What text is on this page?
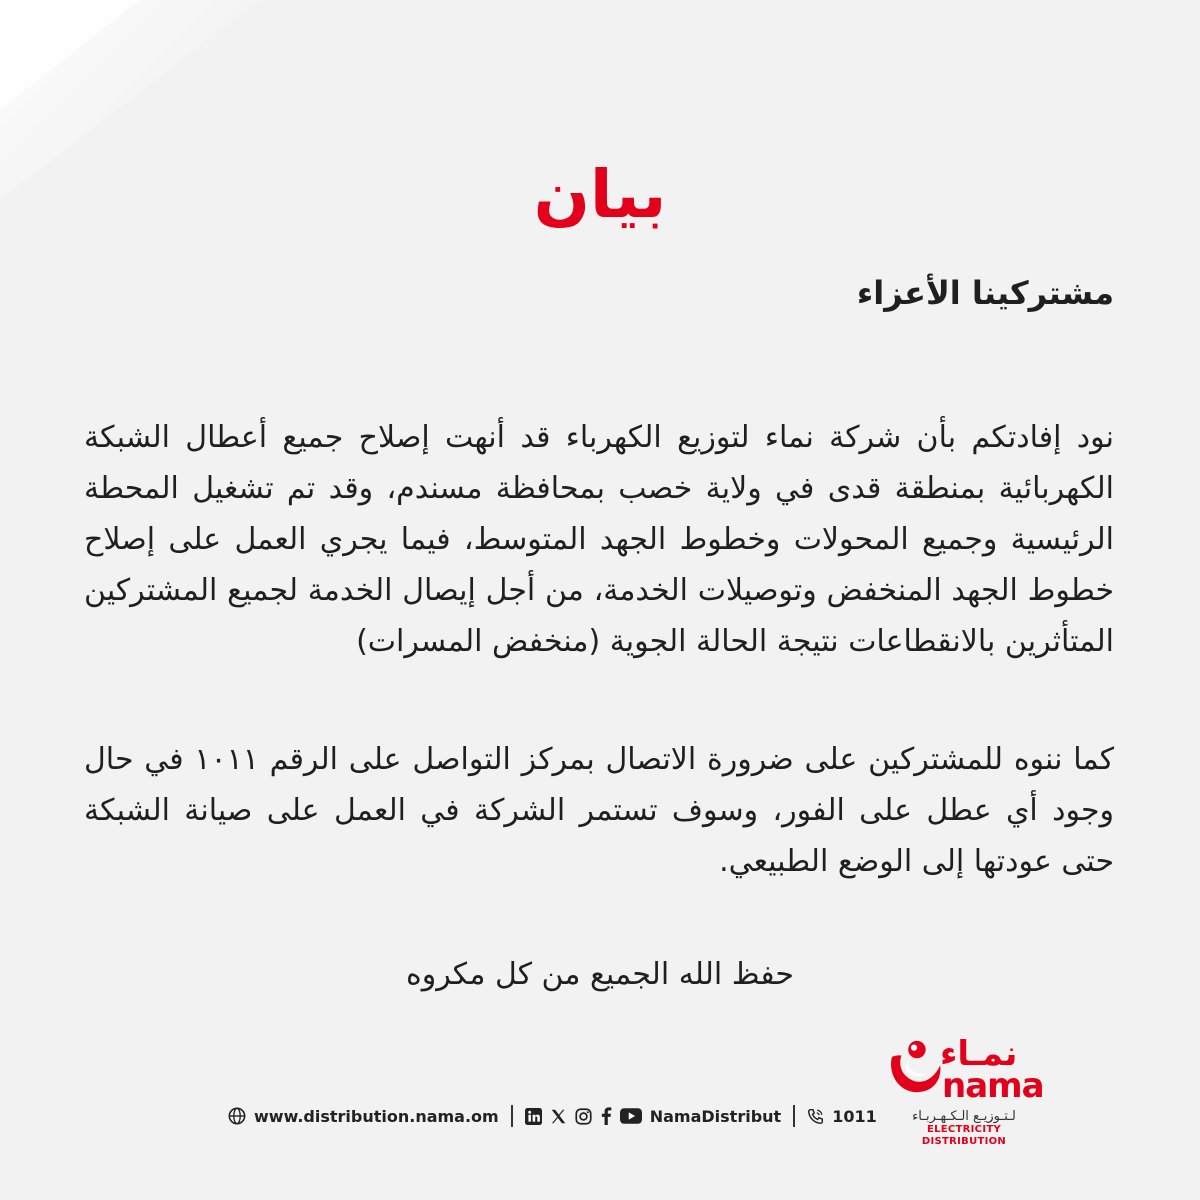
بيان
مشتركينا الأعزاء

نود إفادتكم بأن شركة نماء لتوزيع الكهرباء قد أنهت إصلاح جميع أعطال الشبكة الكهربائية بمنطقة قدى في ولاية خصب بمحافظة مسندم، وقد تم تشغيل المحطة الرئيسية وجميع المحولات وخطوط الجهد المتوسط، فيما يجري العمل على إصلاح خطوط الجهد المنخفض وتوصيلات الخدمة، من أجل إيصال الخدمة لجميع المشتركين المتأثرين بالانقطاعات نتيجة الحالة الجوية (منخفض المسرات)

كما ننوه للمشتركين على ضرورة الاتصال بمركز التواصل على الرقم ١٠١١ في حال وجود أي عطل على الفور، وسوف تستمر الشركة في العمل على صيانة الشبكة حتى عودتها إلى الوضع الطبيعي.

حفظ الله الجميع من كل مكروه
www.distribution.nama.om	NamaDistribut	1011
نمـاء
nama
لـتـوزيـع الـكـهـربـاء
ELECTRICITY DISTRIBUTION
